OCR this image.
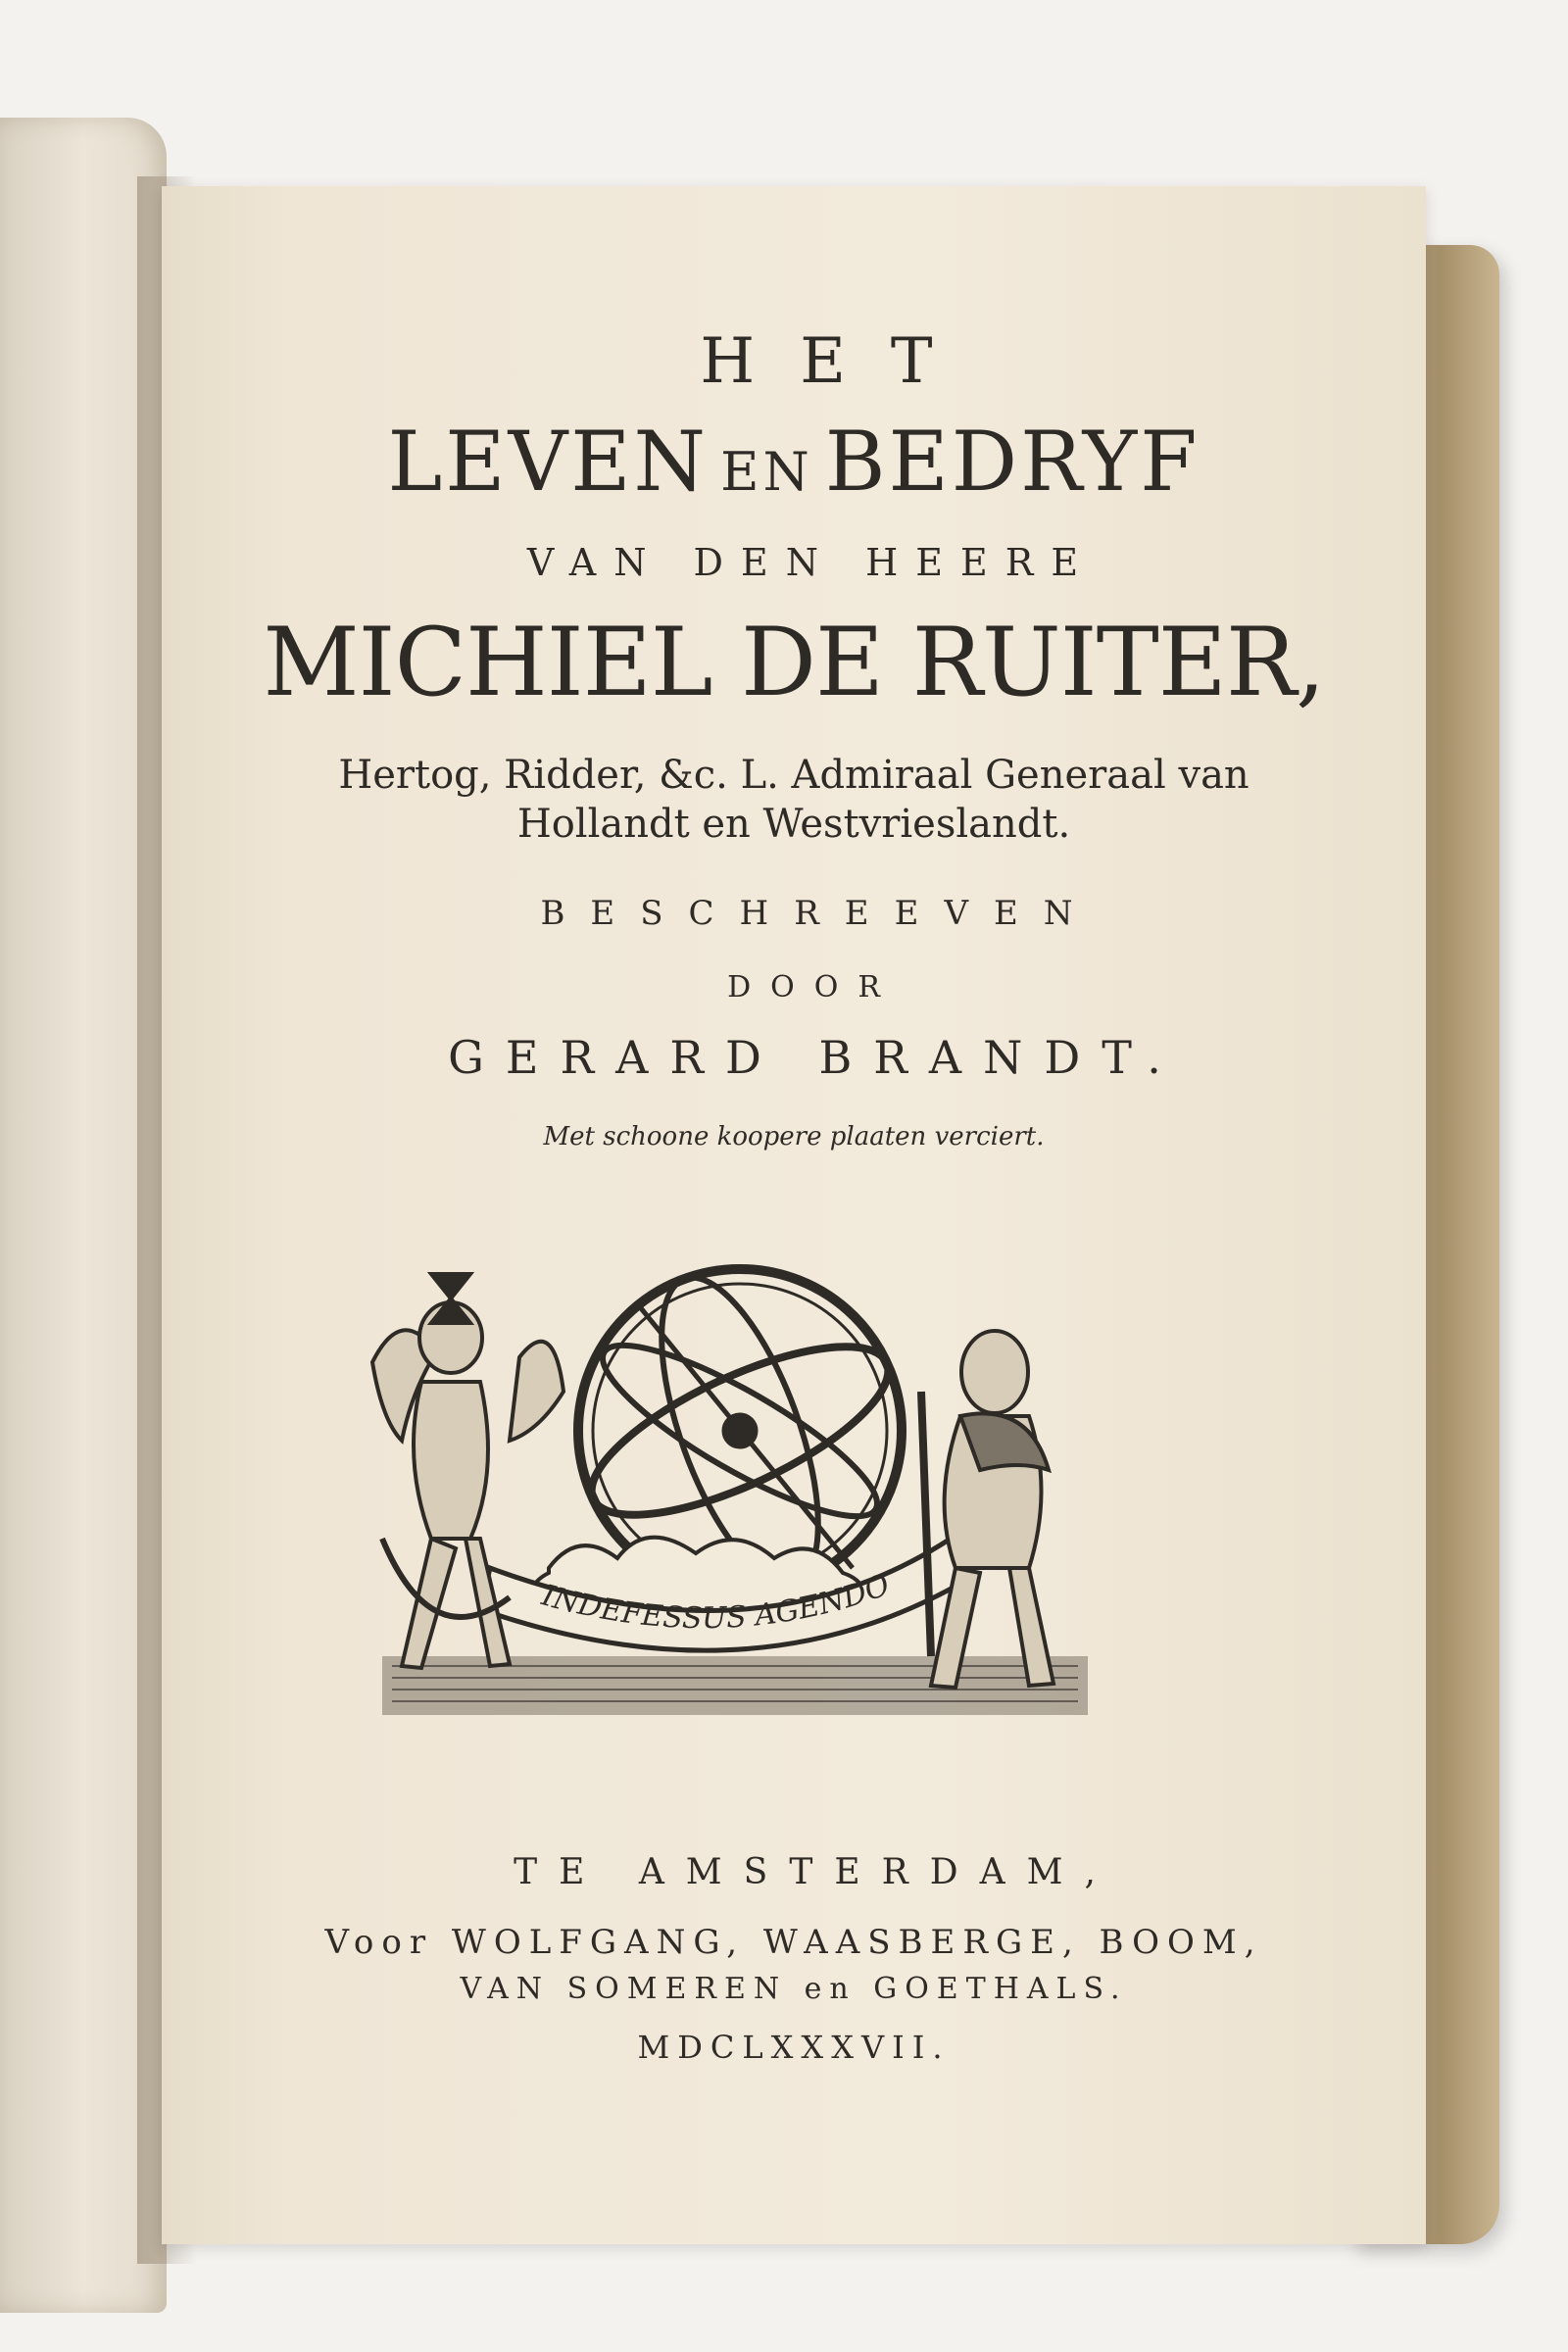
HET
LEVEN EN BEDRYF
VAN DEN HEERE
MICHIEL DE RUITER,
Hertog, Ridder, &c. L. Admiraal Generaal van
Hollandt en Westvrieslandt.
BESCHREEVEN
DOOR
GERARD BRANDT.
Met schoone koopere plaaten verciert.
INDEFESSUS AGENDO
TE AMSTERDAM,
Voor WOLFGANG, WAASBERGE, BOOM,
VAN SOMEREN en GOETHALS.
MDCLXXXVII.
